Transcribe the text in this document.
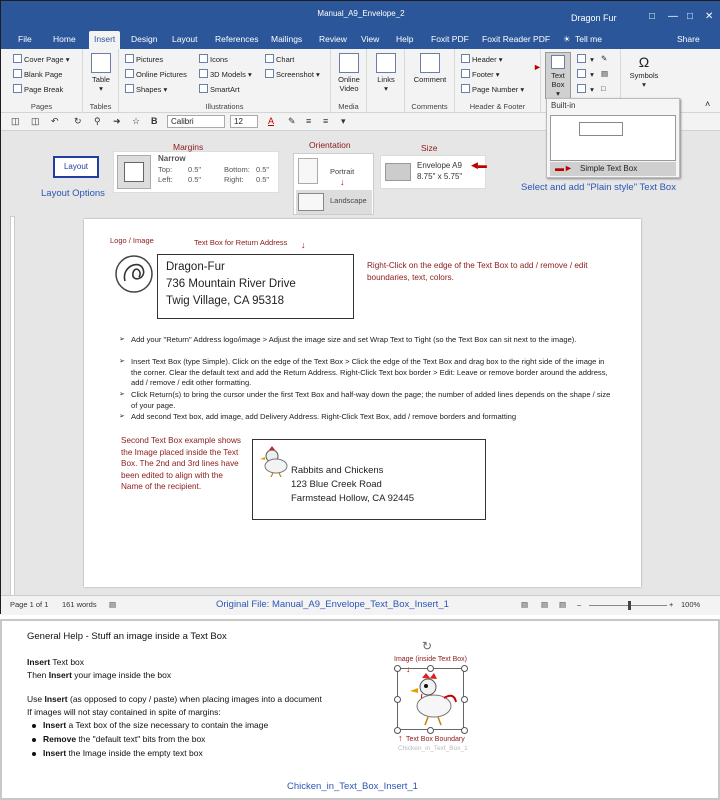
Manual_A9_Envelope_2	Dragon Fur	□ — □ ✕
File	Home	Insert	Design Layout References Mailings Review View Help Foxit PDF Foxit Reader PDF ☀ Tell me	Share
Cover Page ▾
Blank Page
Page Break
Pages
Table
▾
Tables
Pictures
Online Pictures
Shapes ▾
Icons
3D Models ▾
SmartArt
Chart
Screenshot ▾
Illustrations
Online Video
Media
Links
▾
Comment
Comments
Header ▾
Footer ▾
Page Number ▾
Header & Footer
►
Text Box
▾
▾
▾
▾
✎
▤
□
Ω
Symbols
▾
˄
Built-in
▬► Simple Text Box
◫ ◫ ↶ ↻ ⚲ ➜ ☆ B	Calibri	12	A ✎ ≡ ≡ ▾
Layout
Layout Options
Narrow
Top: 0.5"
Left: 0.5"
Bottom: 0.5"
Right: 0.5"
Margins	Orientation
Portrait
↓
Landscape
Size
Envelope A9
8.75" x 5.75"
◀▬
Select and add "Plain style" Text Box
Logo / Image	Text Box for Return Address ↓
Dragon-Fur
736 Mountain River Drive
Twig Village, CA 95318
Right-Click on the edge of the Text Box to add / remove / edit boundaries, text, colors.
➢ Add your "Return" Address logo/image > Adjust the image size and set Wrap Text to Tight (so the Text Box can sit next to the image).
➢ Insert Text Box (type Simple). Click on the edge of the Text Box > Click the edge of the Text Box and drag box to the right side of the image in the corner. Clear the default text and add the Return Address. Right-Click Text box border > Edit: Leave or remove border around the address, add / remove / edit other formatting.
➢ Click Return(s) to bring the cursor under the first Text Box and half-way down the page; the number of added lines depends on the shape / size of your page.
➢ Add second Text box, add image, add Delivery Address. Right-Click Text Box, add / remove borders and formatting
Second Text Box example shows the Image placed inside the Text Box. The 2nd and 3rd lines have been edited to align with the Name of the recipient.
Rabbits and Chickens
123 Blue Creek Road
Farmstead Hollow, CA 92445
Page 1 of 1 161 words ▤	Original File: Manual_A9_Envelope_Text_Box_Insert_1	▤ ▤ ▤ –	+ 100%
General Help - Stuff an image inside a Text Box
Insert Text box
Then Insert your image inside the box
Use Insert (as opposed to copy / paste) when placing images into a document
If images will not stay contained in spite of margins:
Insert a Text box of the size necessary to contain the image
Remove the "default text" bits from the box
Insert the Image inside the empty text box
↻
Image (inside Text Box)
↓
↑ Text Box Boundary
Chicken_in_Text_Box_1
Chicken_in_Text_Box_Insert_1
